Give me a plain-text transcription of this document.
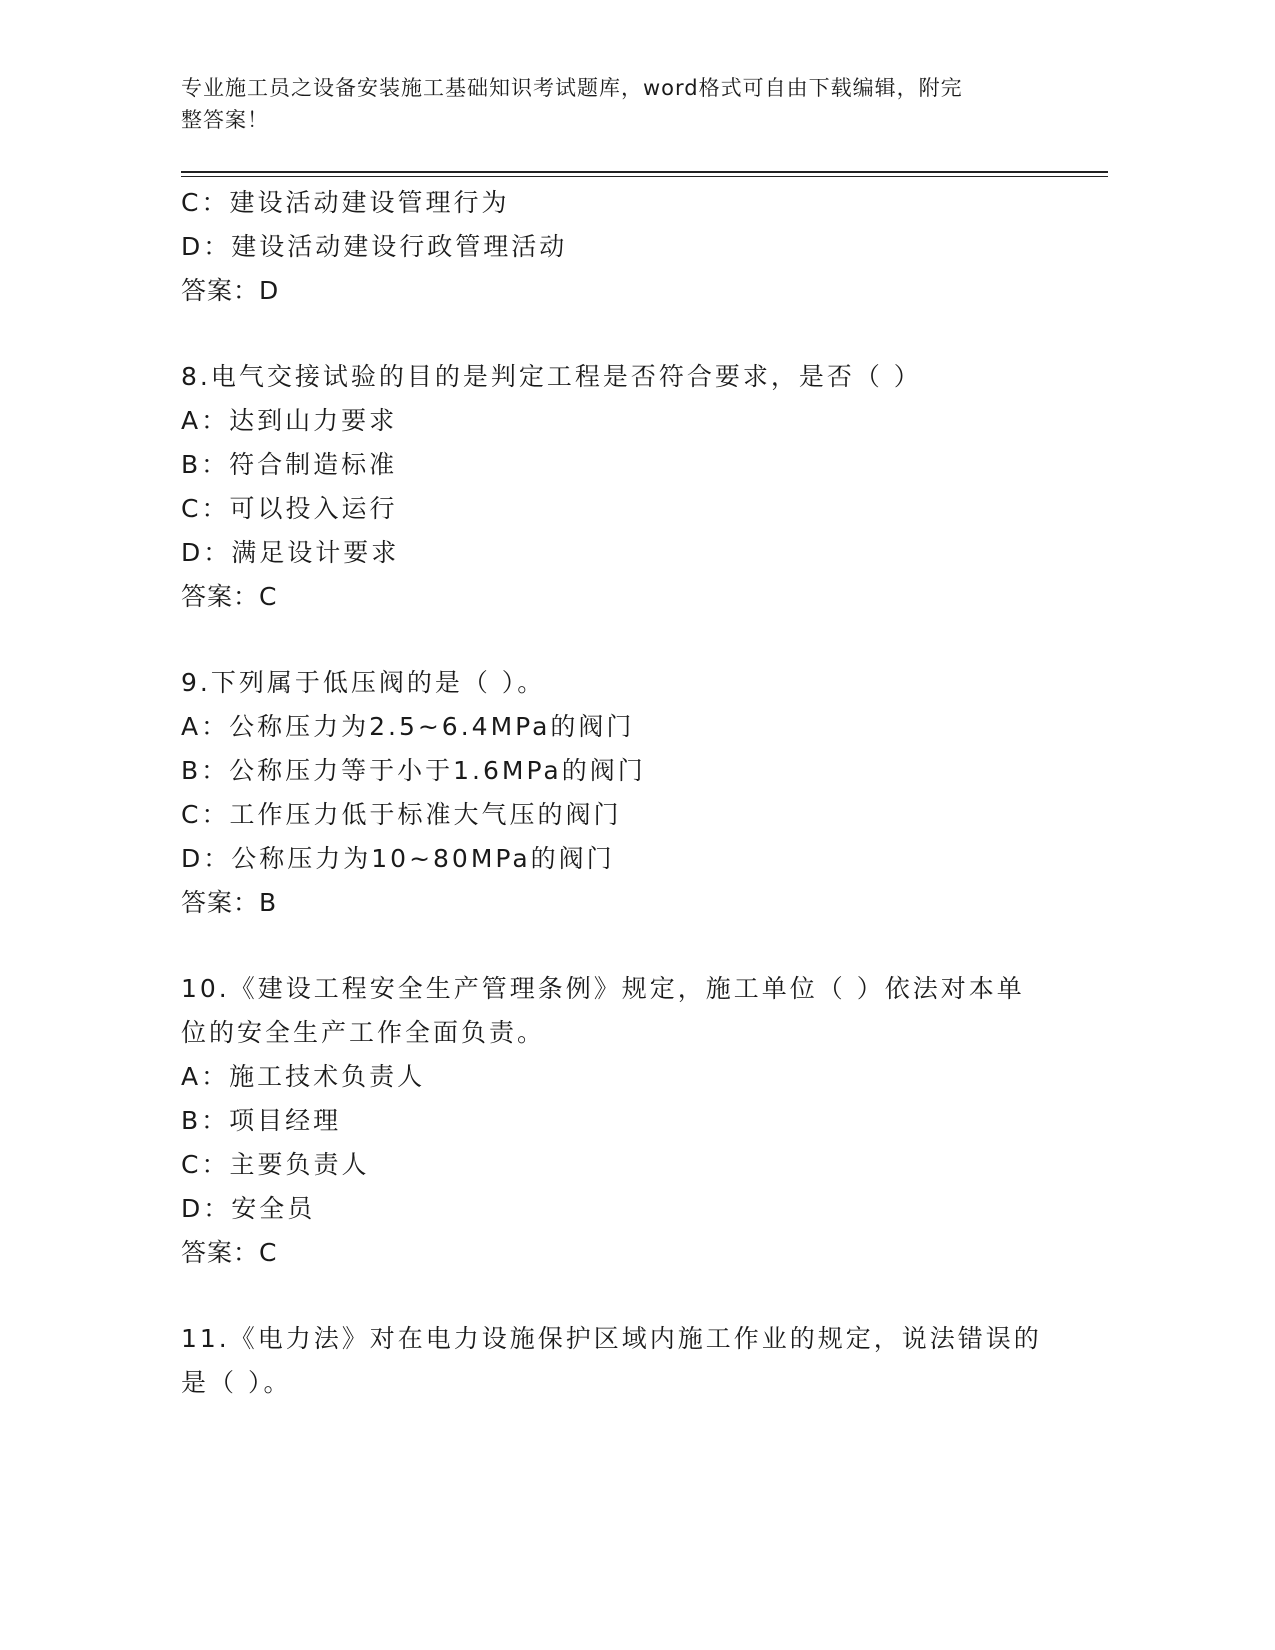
专业施工员之设备安装施工基础知识考试题库，word格式可自由下载编辑，附完
整答案！
C：建设活动建设管理行为
D：建设活动建设行政管理活动
答案：D
8.电气交接试验的目的是判定工程是否符合要求，是否（ ）
A：达到山力要求
B：符合制造标准
C：可以投入运行
D：满足设计要求
答案：C
9.下列属于低压阀的是（ ）。
A：公称压力为2.5~6.4MPa的阀门
B：公称压力等于小于1.6MPa的阀门
C：工作压力低于标准大气压的阀门
D：公称压力为10~80MPa的阀门
答案：B
10.《建设工程安全生产管理条例》规定，施工单位（ ）依法对本单
位的安全生产工作全面负责。
A：施工技术负责人
B：项目经理
C：主要负责人
D：安全员
答案：C
11.《电力法》对在电力设施保护区域内施工作业的规定，说法错误的
是（ ）。
